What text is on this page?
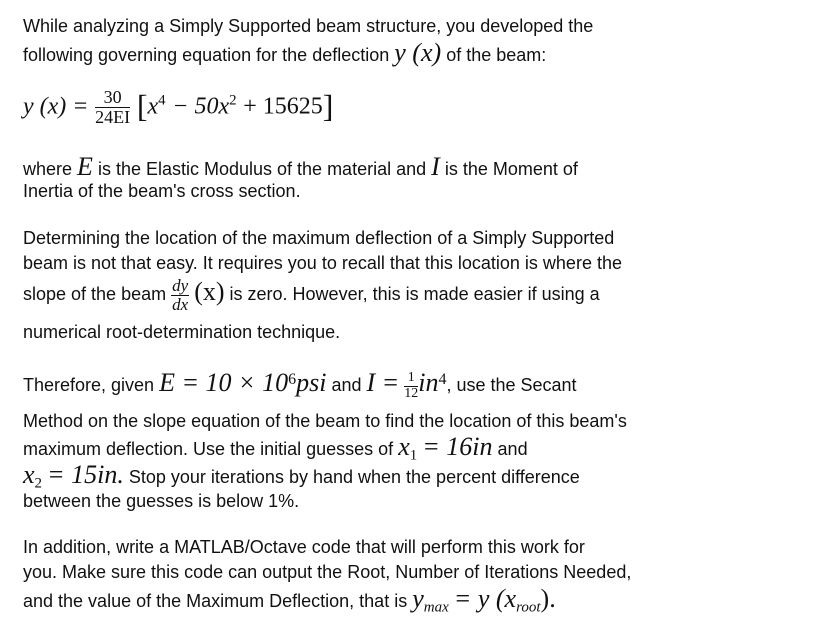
While analyzing a Simply Supported beam structure, you developed the
following governing equation for the deflection y (x) of the beam:
y $(x) = \frac{30}{24EI} [x^4 - 50x^2 + 15625]$
where E is the Elastic Modulus of the material and I is the Moment of
Inertia of the beam's cross section.
Determining the location of the maximum deflection of a Simply Supported
beam is not that easy. It requires you to recall that this location is where the
slope of the beam $\frac{dy}{dx} (x)$ is zero. However, this is made easier if using a
numerical root-determination technique.
Therefore, given $E = 10 \times 10^6psi$ and $I = \frac{1}{12} in^4$, use the Secant
Method on the slope equation of the beam to find the location of this beam's
maximum deflection. Use the initial guesses of $x_1 = 16in$ and
$x_2 = 15in$. Stop your iterations by hand when the percent difference
between the guesses is below 1%.
In addition, write a MATLAB/Octave code that will perform this work for
you. Make sure this code can output the Root, Number of Iterations Needed,
and the value of the Maximum Deflection, that is $y_{max} = y$ $(x_{root})$.
